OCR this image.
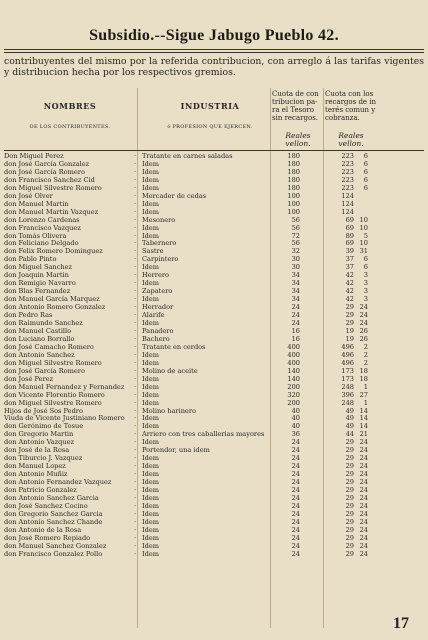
Subsidio.--Sigue Jabugo Pueblo 42.
contribuyentes del mismo por la referida contribucion, con arreglo á las tarifas vigentes y distribucion hecha por los respectivos gremios.
NOMBRES
DE LOS CONTRIBUYENTES.
INDUSTRIA
ó PROFESION QUE EJERCEN.
Cuota de con tribucion pa- ra el Tesoro sin recargos.
Cuota con los recargos de in terés comun y cobranza.
Reales vellon.
Reales vellon.
Don Miguel Perez	Tratante en carnes saladas	180	223	6
·
don José García Gonzalez	Idem	180	223	6
·
don José García Romero	Idem	180	223	6
·
don Francisco Sanchez Cid	Idem	180	223	6
·
don Miguel Silvestre Romero	Idem	180	223	6
·
don José Olver	Mercader de cedas	100	124
·
don Manuel Martin	Idem	100	124
·
don Manuel Martin Vazquez	Idem	100	124
·
don Lorenzo Cardenas	Mesonero	56	69 10
·
don Francisco Vazquez	Idem	56	69 10
·
don Tomás Olivera	Idem	72	89	5
·
don Feliciano Delgado	Tabernero	56	69 10
·
don Felix Romero Dominguez	Sastre	32	39 31
·
don Pablo Pinto	Carpintero	30	37	6
·
don Miguel Sanchez	Idem	30	37	6
·
don Joaquin Martin	Herrero	34	42	3
·
don Remigio Navarro	Idem	34	42	3
·
don Blas Fernandez	Zapatero	34	42	3
·
don Manuel García Marquez	Idem	34	42	3
·
don Antonio Romero Gonzalez	Herrador	24	29 24
·
don Pedro Ras	Alarife	24	29 24
·
don Raimundo Sanchez	Idem	24	29 24
·
don Manuel Castillo	Panadero	16	19 26
·
don Luciano Borrallo	Bachero	16	19 26
·
don José Camacho Romero	Tratante en cerdos	400	496	2
·
don Antonio Sanchez	Idem	400	496	2
·
don Miguel Silvestre Romero	Idem	400	496	2
·
don José García Romero	Molino de aceite	140	173 18
·
don José Perez	Idem	140	173 18
·
don Manuel Fernandez y Fernandez	Idem	200	248	1
·
don Vicente Florentio Romero	Idem	320	396 27
·
don Miguel Silvestre Romero	Idem	200	248	1
·
Hijos de José Sos Pedro	Molino harinero	40	49 14
·
Viuda de Vicente Justiniano Romero	Idem	40	49 14
·
don Gerónimo de Tosue	Idem	40	49 14
·
don Gregorio Martin	Arriero con tres caballerias mayores	36	44 21
·
don Antonio Vazquez	Idem	24	29 24
·
don José de la Rosa	Portendor, una idem	24	29 24
·
don Tiburcio J. Vazquez	Idem	24	29 24
·
don Manuel Lopez	Idem	24	29 24
·
don Antonio Muñiz	Idem	24	29 24
·
don Antonio Fernandez Vazquez	Idem	24	29 24
·
don Patricio Gonzalez	Idem	24	29 24
·
don Antonio Sanchez Garcia	Idem	24	29 24
·
don José Sanchez Cocino	Idem	24	29 24
·
don Gregorio Sanchez Garcia	Idem	24	29 24
·
don Antonio Sanchez Chande	Idem	24	29 24
·
don Antonio de la Rosa	Idem	24	29 24
·
don José Romero Repiado	Idem	24	29 24
·
don Manuel Sanchez Gonzalez	Idem	24	29 24
·
don Francisco Gonzalez Pollo	Idem	24	29 24
·
17
